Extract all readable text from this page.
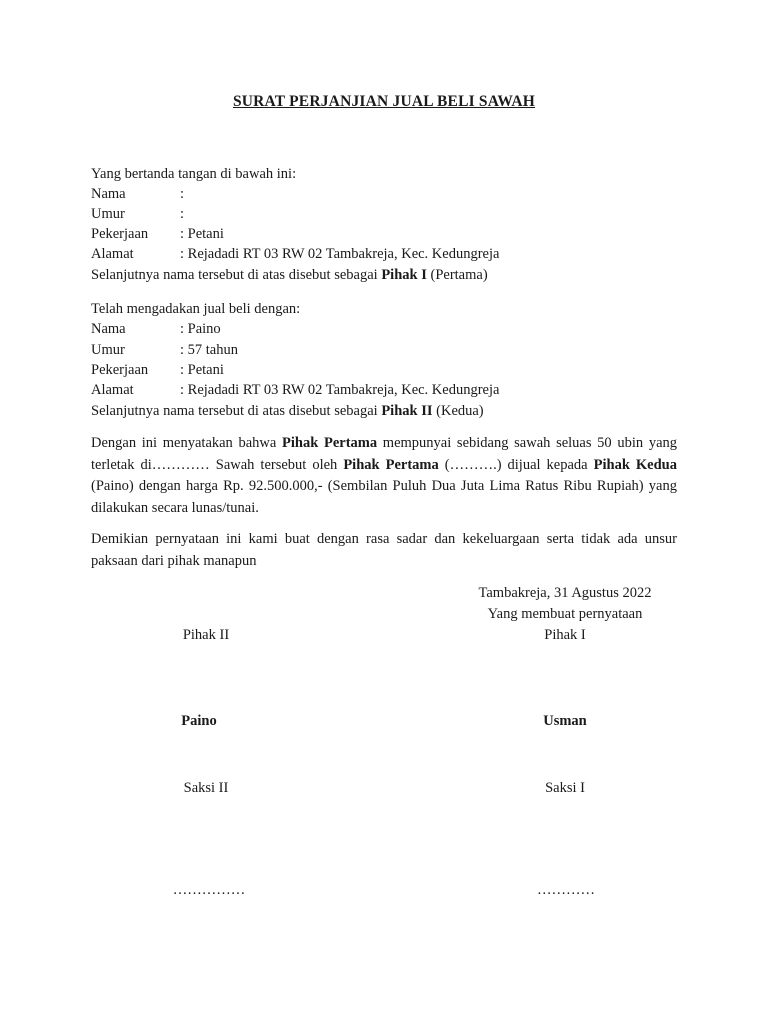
SURAT PERJANJIAN JUAL BELI SAWAH
Yang bertanda tangan di bawah ini:
Nama	:
Umur	:
Pekerjaan : Petani
Alamat	: Rejadadi RT 03 RW 02 Tambakreja, Kec. Kedungreja
Selanjutnya nama tersebut di atas disebut sebagai Pihak I (Pertama)
Telah mengadakan jual beli dengan:
Nama	: Paino
Umur	: 57 tahun
Pekerjaan : Petani
Alamat	: Rejadadi RT 03 RW 02 Tambakreja, Kec. Kedungreja
Selanjutnya nama tersebut di atas disebut sebagai Pihak II (Kedua)

Dengan ini menyatakan bahwa Pihak Pertama mempunyai sebidang sawah seluas 50 ubin yang terletak di………… Sawah tersebut oleh Pihak Pertama (……….) dijual kepada Pihak Kedua (Paino) dengan harga Rp. 92.500.000,- (Sembilan Puluh Dua Juta Lima Ratus Ribu Rupiah) yang dilakukan secara lunas/tunai.

Demikian pernyataan ini kami buat dengan rasa sadar dan kekeluargaan serta tidak ada unsur paksaan dari pihak manapun

Tambakreja, 31 Agustus 2022
Yang membuat pernyataan
Pihak II	Pihak I
Paino	Usman
Saksi II	Saksi I
……………	…………
